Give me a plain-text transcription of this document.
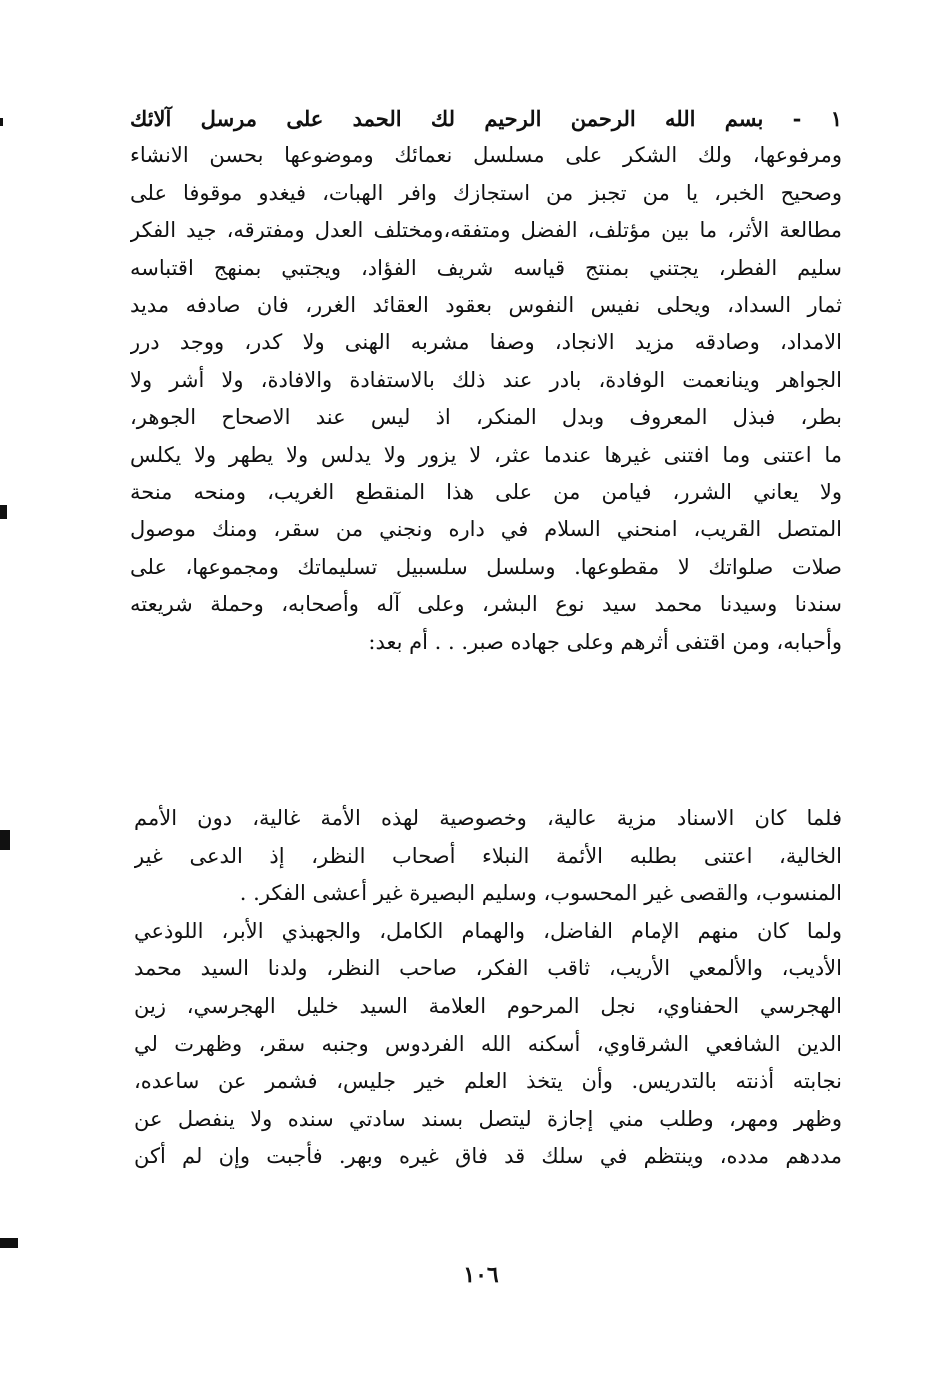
١ - بسم الله الرحمن الرحيم لك الحمد على مرسل آلائك
ومرفوعها، ولك الشكر على مسلسل نعمائك وموضوعها بحسن الانشاء
وصحيح الخبر، يا من تجبز من استجازك وافر الهبات، فيغدو موقوفا على
مطالعة الأثر، ما بين مؤتلف، الفضل ومتفقه،ومختلف العدل ومفترقه، جيد الفكر
سليم الفطر، يجتني بمنتج قياسه شريف الفؤاد، ويجتبي بمنهج اقتباسه
ثمار السداد، ويحلى نفيس النفوس بعقود العقائد الغرر، فان صادفه مديد
الامداد، وصادقه مزيد الانجاد، وصفا مشربه الهنى ولا كدر، ووجد درر
الجواهر وينانعمت الوفادة، بادر عند ذلك بالاستفادة والافادة، ولا أشر ولا
بطر، فبذل المعروف وبدل المنكر، اذ ليس عند الاصحاح الجوهر،
ما اعتنى وما افتنى غيرها عندما عثر، لا يزور ولا يدلس ولا يطهر ولا يكلس
ولا يعاني الشرر، فيامن من على هذا المنقطع الغريب، ومنحه منحة
المتصل القريب، امنحني السلام في داره ونجني من سقر، ومنك موصول
صلات صلواتك لا مقطوعها. وسلسل سلسبيل تسليماتك ومجموعها، على
سندنا وسيدنا محمد سيد نوع البشر، وعلى آله وأصحابه، وحملة شريعته
وأحبابه، ومن اقتفى أثرهم وعلى جهاده صبر. . . أم بعد:
فلما كان الاسناد مزية عالية، وخصوصية لهذه الأمة غالية، دون الأمم
الخالية، اعتنى بطلبه الأئمة النبلاء أصحاب النظر، إذ الدعى غير
المنسوب، والقصى غير المحسوب، وسليم البصيرة غير أعشى الفكر. .
ولما كان منهم الإمام الفاضل، والهمام الكامل، والجهبذي الأبر، اللوذعي
الأديب، والألمعي الأريب، ثاقب الفكر، صاحب النظر، ولدنا السيد محمد
الهجرسي الحفناوي، نجل المرحوم العلامة السيد خليل الهجرسي، زين
الدين الشافعي الشرقاوي، أسكنه الله الفردوس وجنبه سقر، وظهرت لي
نجابته أذنته بالتدريس. وأن يتخذ العلم خير جليس، فشمر عن ساعده،
وظهر ومهر، وطلب مني إجازة ليتصل بسند سادتي سنده ولا ينفصل عن
مددهم مدده، وينتظم في سلك قد فاق غيره وبهر. فأجبت وإن لم أكن
١٠٦
